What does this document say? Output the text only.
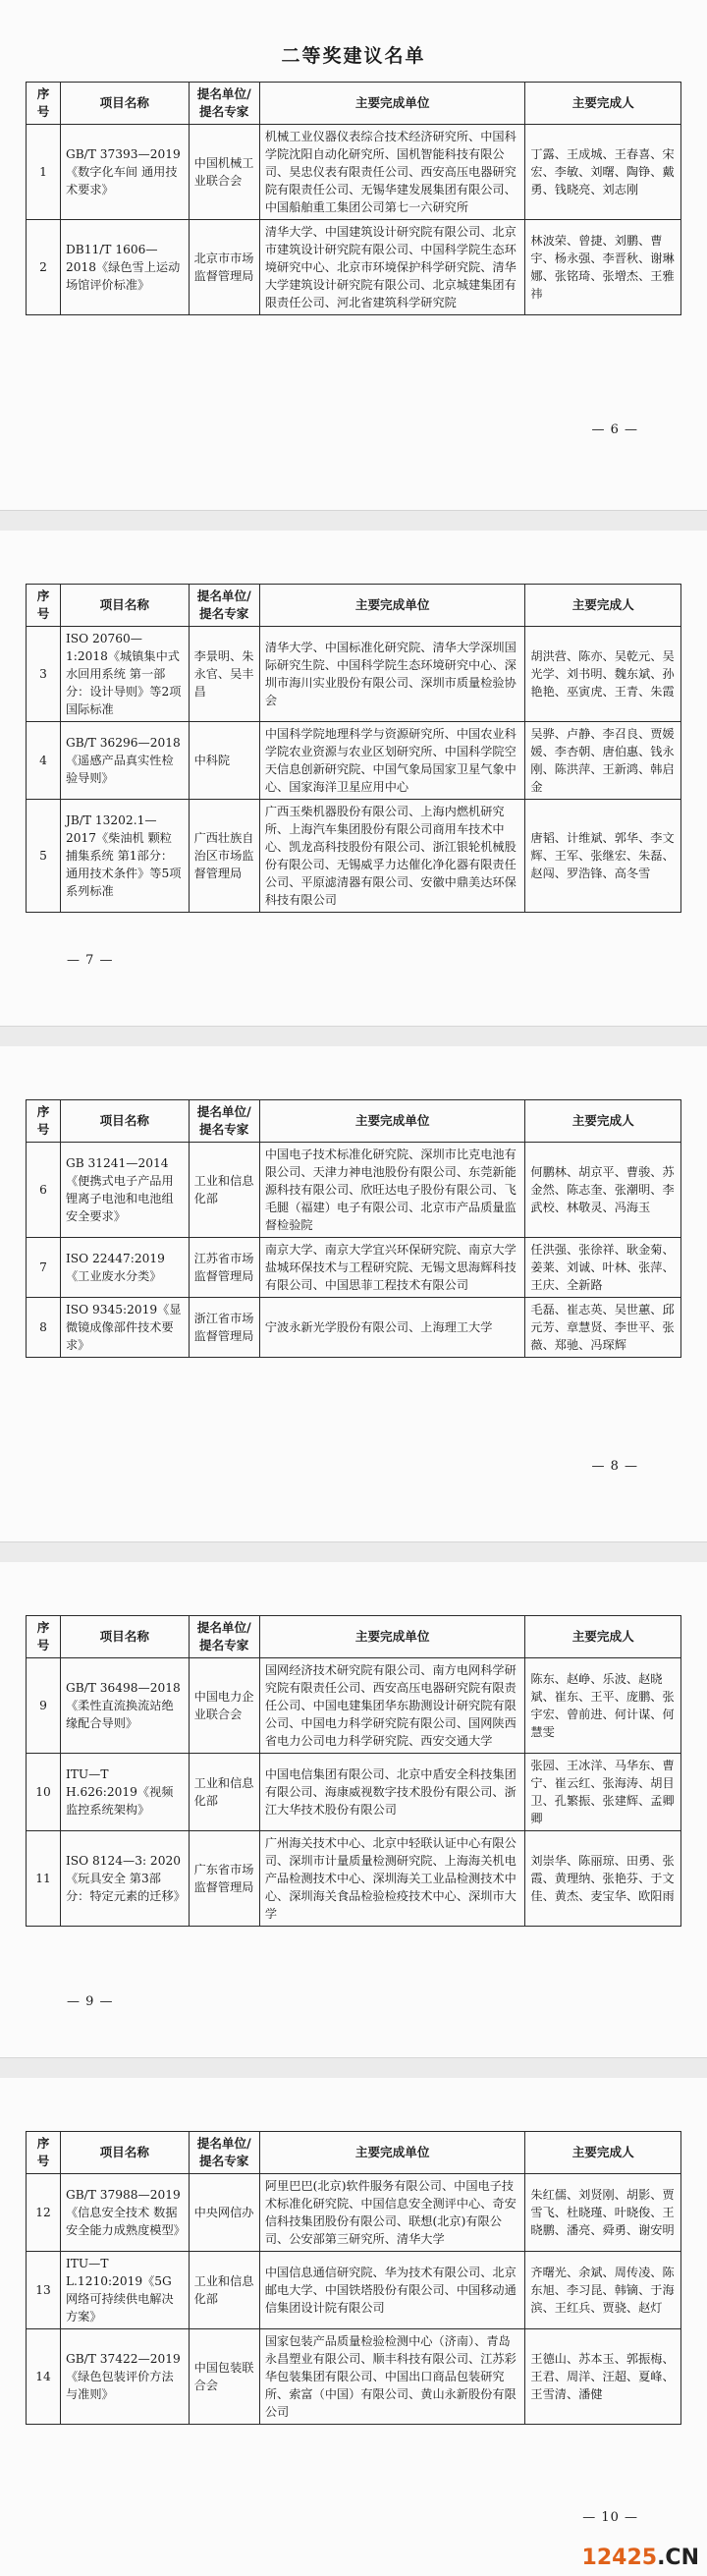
二等奖建议名单
序号	项目名称	提名单位/提名专家	主要完成单位	主要完成人
1	GB/T 37393—2019《数字化车间 通用技术要求》	中国机械工业联合会	机械工业仪器仪表综合技术经济研究所、中国科学院沈阳自动化研究所、国机智能科技有限公司、昊忠仪表有限责任公司、西安高压电器研究院有限责任公司、无锡华建发展集团有限公司、中国船舶重工集团公司第七一六研究所	丁露、王成城、王春喜、宋宏、李敏、刘曙、陶铮、戴勇、钱晓亮、刘志刚
2	DB11/T 1606—2018《绿色雪上运动场馆评价标准》	北京市市场监督管理局	清华大学、中国建筑设计研究院有限公司、北京市建筑设计研究院有限公司、中国科学院生态环境研究中心、北京市环境保护科学研究院、清华大学建筑设计研究院有限公司、北京城建集团有限责任公司、河北省建筑科学研究院	林波荣、曾捷、刘鹏、曹宇、杨永强、李晋秋、谢琳娜、张铭琦、张增杰、王雅祎
— 6 —
序号	项目名称	提名单位/提名专家	主要完成单位	主要完成人
3	ISO 20760—1:2018《城镇集中式水回用系统 第一部分：设计导则》等2项国际标准	李景明、朱永官、吴丰昌	清华大学、中国标准化研究院、清华大学深圳国际研究生院、中国科学院生态环境研究中心、深圳市海川实业股份有限公司、深圳市质量检验协会	胡洪营、陈亦、吴乾元、吴光学、刘书明、魏东斌、孙艳艳、巫寅虎、王青、朱霞
4	GB/T 36296—2018《遥感产品真实性检验导则》	中科院	中国科学院地理科学与资源研究所、中国农业科学院农业资源与农业区划研究所、中国科学院空天信息创新研究院、中国气象局国家卫星气象中心、国家海洋卫星应用中心	吴骅、卢静、李召良、贾媛媛、李杏朝、唐伯惠、钱永刚、陈洪萍、王新鸿、韩启金
5	JB/T 13202.1—2017《柴油机 颗粒捕集系统 第1部分：通用技术条件》等5项系列标准	广西壮族自治区市场监督管理局	广西玉柴机器股份有限公司、上海内燃机研究所、上海汽车集团股份有限公司商用车技术中心、凯龙高科技股份有限公司、浙江银轮机械股份有限公司、无锡威孚力达催化净化器有限责任公司、平原滤清器有限公司、安徽中鼎美达环保科技有限公司	唐韬、计维斌、郭华、李文辉、王军、张继宏、朱磊、赵闯、罗浩锋、高冬雪
— 7 —
序号	项目名称	提名单位/提名专家	主要完成单位	主要完成人
6	GB 31241—2014《便携式电子产品用锂离子电池和电池组 安全要求》	工业和信息化部	中国电子技术标准化研究院、深圳市比克电池有限公司、天津力神电池股份有限公司、东莞新能源科技有限公司、欣旺达电子股份有限公司、飞毛腿（福建）电子有限公司、北京市产品质量监督检验院	何鹏林、胡京平、曹骏、苏金然、陈志奎、张潮明、李武校、林敬灵、冯海玉
7	ISO 22447:2019《工业废水分类》	江苏省市场监督管理局	南京大学、南京大学宜兴环保研究院、南京大学盐城环保技术与工程研究院、无锡文思海辉科技有限公司、中国思菲工程技术有限公司	任洪强、张徐祥、耿金菊、姜莱、刘诚、叶林、张萍、王庆、全新路
8	ISO 9345:2019《显微镜成像部件技术要求》	浙江省市场监督管理局	宁波永新光学股份有限公司、上海理工大学	毛磊、崔志英、吴世蕙、邱元芳、章慧贤、李世平、张薇、郑驰、冯琛辉
— 8 —
序号	项目名称	提名单位/提名专家	主要完成单位	主要完成人
9	GB/T 36498—2018《柔性直流换流站绝缘配合导则》	中国电力企业联合会	国网经济技术研究院有限公司、南方电网科学研究院有限责任公司、西安高压电器研究院有限责任公司、中国电建集团华东勘测设计研究院有限公司、中国电力科学研究院有限公司、国网陕西省电力公司电力科学研究院、西安交通大学	陈东、赵峥、乐波、赵晓斌、崔东、王平、庞鹏、张宇宏、曾前进、何计谋、何慧雯
10	ITU—T H.626:2019《视频监控系统架构》	工业和信息化部	中国电信集团有限公司、北京中盾安全科技集团有限公司、海康威视数字技术股份有限公司、浙江大华技术股份有限公司	张园、王冰洋、马华东、曹宁、崔云红、张海涛、胡目卫、孔繁振、张建辉、孟卿卿
11	ISO 8124—3: 2020《玩具安全 第3部分：特定元素的迁移》	广东省市场监督管理局	广州海关技术中心、北京中轻联认证中心有限公司、深圳市计量质量检测研究院、上海海关机电产品检测技术中心、深圳海关工业品检测技术中心、深圳海关食品检验检疫技术中心、深圳市大学	刘崇华、陈丽琼、田勇、张霞、黄理纳、张艳芬、于文佳、黄杰、麦宝华、欧阳雨
— 9 —
序号	项目名称	提名单位/提名专家	主要完成单位	主要完成人
12	GB/T 37988—2019《信息安全技术 数据安全能力成熟度模型》	中央网信办	阿里巴巴(北京)软件服务有限公司、中国电子技术标准化研究院、中国信息安全测评中心、奇安信科技集团股份有限公司、联想(北京)有限公司、公安部第三研究所、清华大学	朱红儒、刘贤刚、胡影、贾雪飞、杜晓瑾、叶晓俊、王晓鹏、潘亮、舜勇、谢安明
13	ITU—T L.1210:2019《5G网络可持续供电解决方案》	工业和信息化部	中国信息通信研究院、华为技术有限公司、北京邮电大学、中国铁塔股份有限公司、中国移动通信集团设计院有限公司	齐曙光、余斌、周传凌、陈东旭、李习昆、韩镝、于海滨、王红兵、贾骁、赵灯
14	GB/T 37422—2019《绿色包装评价方法与准则》	中国包装联合会	国家包装产品质量检验检测中心（济南）、青岛永昌塑业有限公司、顺丰科技有限公司、江苏彩华包装集团有限公司、中国出口商品包装研究所、索富（中国）有限公司、黄山永新股份有限公司	王德山、苏本玉、郭振梅、王君、周洋、汪超、夏峰、王雪清、潘健
— 10 —
12425.CN
